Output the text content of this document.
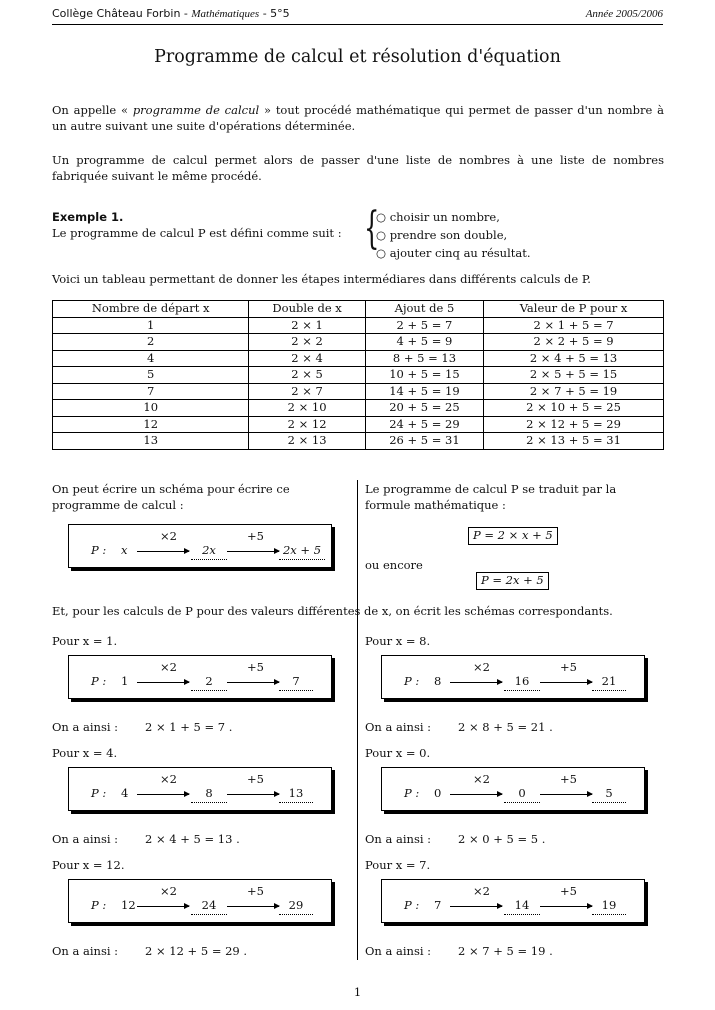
Collège Château Forbin - Mathématiques - 5°5	Année 2005/2006
Programme de calcul et résolution d'équation
On appelle « programme de calcul » tout procédé mathématique qui permet de passer d'un nombre à un autre suivant une suite d'opérations déterminée.
Un programme de calcul permet alors de passer d'une liste de nombres à une liste de nombres fabriquée suivant le même procédé.
Exemple 1.
Le programme de calcul P est défini comme suit : {
○ choisir un nombre,
○ prendre son double,
○ ajouter cinq au résultat.
Voici un tableau permettant de donner les étapes intermédiares dans différents calculs de P.
Nombre de départ x	Double de x	Ajout de 5	Valeur de P pour x
1	2 × 1	2 + 5 = 7	2 × 1 + 5 = 7
2	2 × 2	4 + 5 = 9	2 × 2 + 5 = 9
4	2 × 4	8 + 5 = 13	2 × 4 + 5 = 13
5	2 × 5	10 + 5 = 15	2 × 5 + 5 = 15
7	2 × 7	14 + 5 = 19	2 × 7 + 5 = 19
10	2 × 10	20 + 5 = 25	2 × 10 + 5 = 25
12	2 × 12	24 + 5 = 29	2 × 12 + 5 = 29
13	2 × 13	26 + 5 = 31	2 × 13 + 5 = 31
On peut écrire un schéma pour écrire ce programme de calcul :
Le programme de calcul P se traduit par la formule mathématique :
P : x
×2
2x
+5
2x + 5
P = 2 × x + 5
ou encore
P = 2x + 5
Et, pour les calculs de P pour des valeurs différentes de x, on écrit les schémas correspondants.
Pour x = 1.
P : 1
×2
2
+5
7
On a ainsi : 2 × 1 + 5 = 7 .
Pour x = 8.
P : 8
×2
16
+5
21
On a ainsi : 2 × 8 + 5 = 21 .
Pour x = 4.
P : 4
×2
8
+5
13
On a ainsi : 2 × 4 + 5 = 13 .
Pour x = 0.
P : 0
×2
0
+5
5
On a ainsi : 2 × 0 + 5 = 5 .
Pour x = 12.
P : 12
×2
24
+5
29
On a ainsi : 2 × 12 + 5 = 29 .
Pour x = 7.
P : 7
×2
14
+5
19
On a ainsi : 2 × 7 + 5 = 19 .
1
